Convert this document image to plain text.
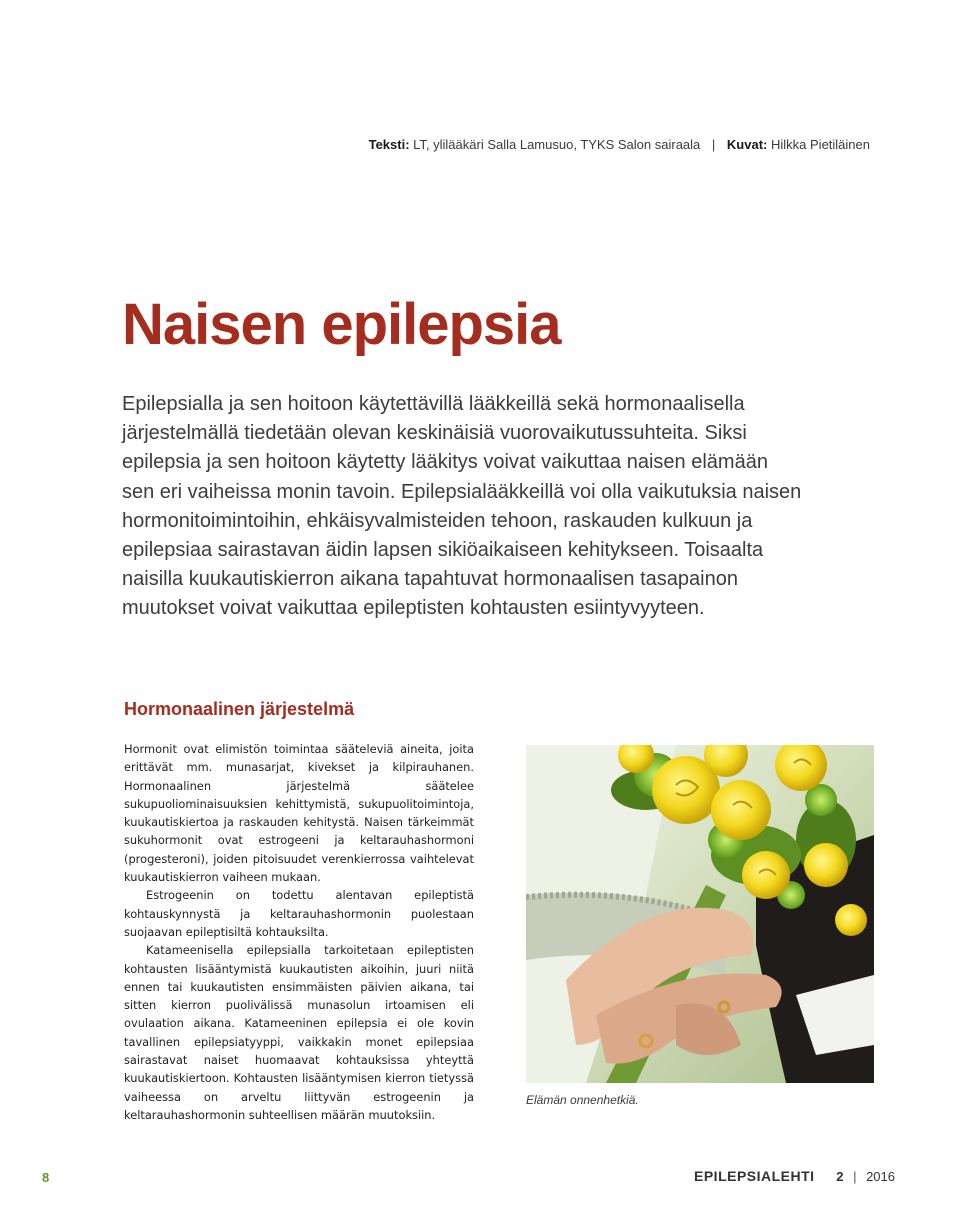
Teksti: LT, ylilääkäri Salla Lamusuo, TYKS Salon sairaala | Kuvat: Hilkka Pietiläinen
Naisen epilepsia

Epilepsialla ja sen hoitoon käytettävillä lääkkeillä sekä hormonaalisella järjestelmällä tiedetään olevan keskinäisiä vuorovaikutussuhteita. Siksi epilepsia ja sen hoitoon käytetty lääkitys voivat vaikuttaa naisen elämään sen eri vaiheissa monin tavoin. Epilepsialääkkeillä voi olla vaikutuksia naisen hormonitoimintoihin, ehkäisyvalmisteiden tehoon, raskauden kulkuun ja epilepsiaa sairastavan äidin lapsen sikiöaikaiseen kehitykseen. Toisaalta naisilla kuukautiskierron aikana tapahtuvat hormonaalisen tasapainon muutokset voivat vaikuttaa epileptisten kohtausten esiintyvyyteen.

Hormonaalinen järjestelmä

Hormonit ovat elimistön toimintaa sääteleviä aineita, joita erittävät mm. munasarjat, kivekset ja kilpirauhanen. Hormonaalinen järjestelmä säätelee sukupuoliominaisuuksien kehittymistä, sukupuolitoimintoja, kuukautiskiertoa ja raskauden kehitystä. Naisen tärkeimmät sukuhormonit ovat estrogeeni ja keltarauhashormoni (progesteroni), joiden pitoisuudet verenkierrossa vaihtelevat kuukautiskierron vaiheen mukaan.

Estrogeenin on todettu alentavan epileptistä kohtauskynnystä ja keltarauhashormonin puolestaan suojaavan epileptisiltä kohtauksilta.

Katameenisella epilepsialla tarkoitetaan epileptisten kohtausten lisääntymistä kuukautisten aikoihin, juuri niitä ennen tai kuukautisten ensimmäisten päivien aikana, tai sitten kierron puolivälissä munasolun irtoamisen eli ovulaation aikana. Katameeninen epilepsia ei ole kovin tavallinen epilepsiatyyppi, vaikkakin monet epilepsiaa sairastavat naiset huomaavat kohtauksissa yhteyttä kuukautiskiertoon. Kohtausten lisääntymisen kierron tietyssä vaiheessa on arveltu liittyvän estrogeenin ja keltarauhashormonin suhteellisen määrän muutoksiin.

Elämän onnenhetkiä.
8	EPILEPSIALEHTI 2 | 2016
